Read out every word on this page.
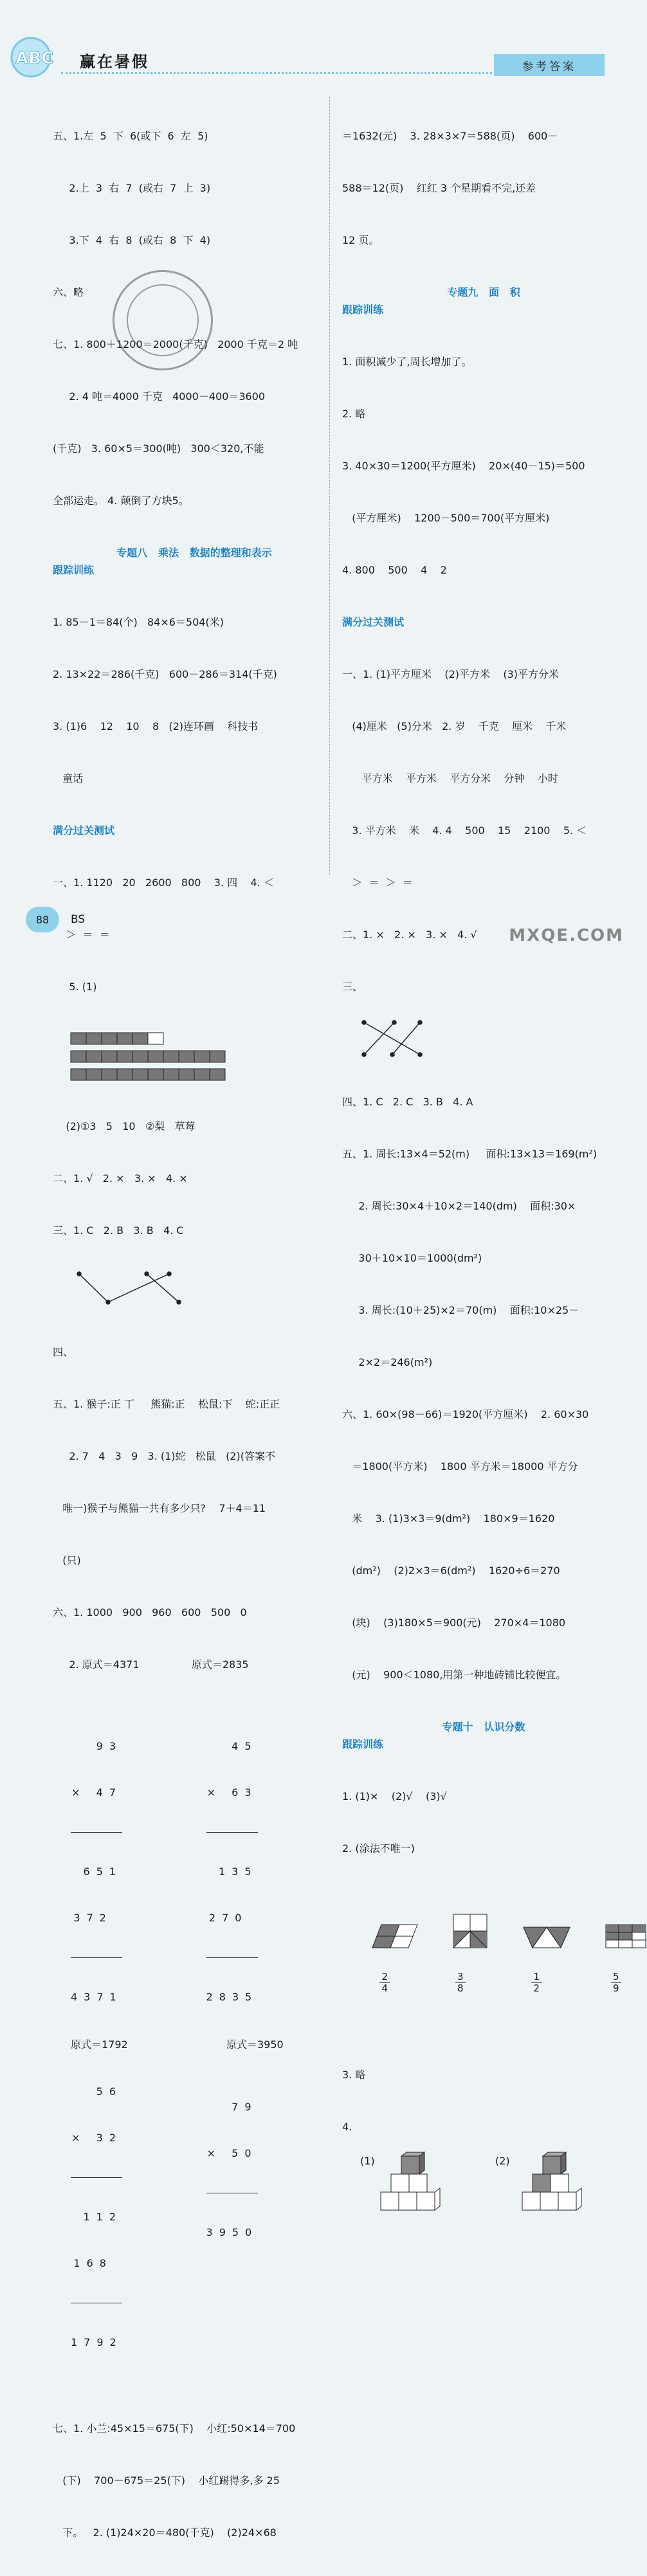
ABC 赢在暑假	参考答案

五、1.左  5  下  6(或下  6  左  5)

2.上  3  右  7  (或右  7  上  3)

3.下  4  右  8  (或右  8  下  4)

六、略

七、1. 800＋1200＝2000(千克)   2000 千克＝2 吨

2. 4 吨＝4000 千克   4000－400＝3600

(千克)   3. 60×5＝300(吨)   300＜320,不能

全部运走。 4. 颠倒了方块5。

专题八   乘法   数据的整理和表示
跟踪训练

1. 85－1＝84(个)   84×6＝504(米)

2. 13×22＝286(千克)   600－286＝314(千克)

3. (1)6    12    10    8   (2)连环画    科技书

童话

满分过关测试

一、1. 1120   20   2600   800    3. 四    4. ＜

＞  ＝  ＝

5. (1)

(2)①3   5   10   ②梨   草莓

二、1. √   2. ×   3. ×   4. ×

三、1. C   2. B   3. B   4. C

四、

五、1. 猴子:正 丅     熊猫:正    松鼠:下    蛇:正正

2. 7   4   3   9   3. (1)蛇   松鼠   (2)(答案不

唯一)猴子与熊猫一共有多少只?    7＋4＝11

(只)

六、1. 1000   900   960   600   500   0

2. 原式＝4371                原式＝2835

93

× 47

651

372

4371

45

× 63

135

270

2835

原式＝1792	原式＝3950

56

× 32

112

168

1792

79

× 50

3950

七、1. 小兰:45×15＝675(下)    小红:50×14＝700

(下)    700－675＝25(下)    小红踢得多,多 25

下。   2. (1)24×20＝480(千克)    (2)24×68

＝1632(元)    3. 28×3×7＝588(页)    600－

588＝12(页)    红红 3 个星期看不完,还差

12 页。

专题九   面   积
跟踪训练

1. 面积减少了,周长增加了。

2. 略

3. 40×30＝1200(平方厘米)    20×(40－15)＝500

(平方厘米)    1200－500＝700(平方厘米)

4. 800    500    4    2

满分过关测试

一、1. (1)平方厘米    (2)平方米    (3)平方分米

(4)厘米   (5)分米   2. 岁    千克    厘米    千米

平方米    平方米    平方分米    分钟    小时

3. 平方米    米    4. 4    500    15    2100    5. ＜

＞  ＝  ＞  ＝

二、1. ×   2. ×   3. ×   4. √

三、

四、1. C   2. C   3. B   4. A

五、1. 周长:13×4＝52(m)     面积:13×13＝169(m²)

2. 周长:30×4＋10×2＝140(dm)    面积:30×

30＋10×10＝1000(dm²)

3. 周长:(10＋25)×2＝70(m)    面积:10×25－

2×2＝246(m²)

六、1. 60×(98－66)＝1920(平方厘米)    2. 60×30

＝1800(平方米)    1800 平方米＝18000 平方分

米    3. (1)3×3＝9(dm²)    180×9＝1620

(dm²)    (2)2×3＝6(dm²)    1620÷6＝270

(块)    (3)180×5＝900(元)    270×4＝1080

(元)    900＜1080,用第一种地砖铺比较便宜。

专题十   认识分数
跟踪训练

1. (1)×    (2)√    (3)√

2. (涂法不唯一)

2
4

3
8

1
2

5
9

3. 略

4.

(1)

	(2)

88	BS
MXQE.COM
